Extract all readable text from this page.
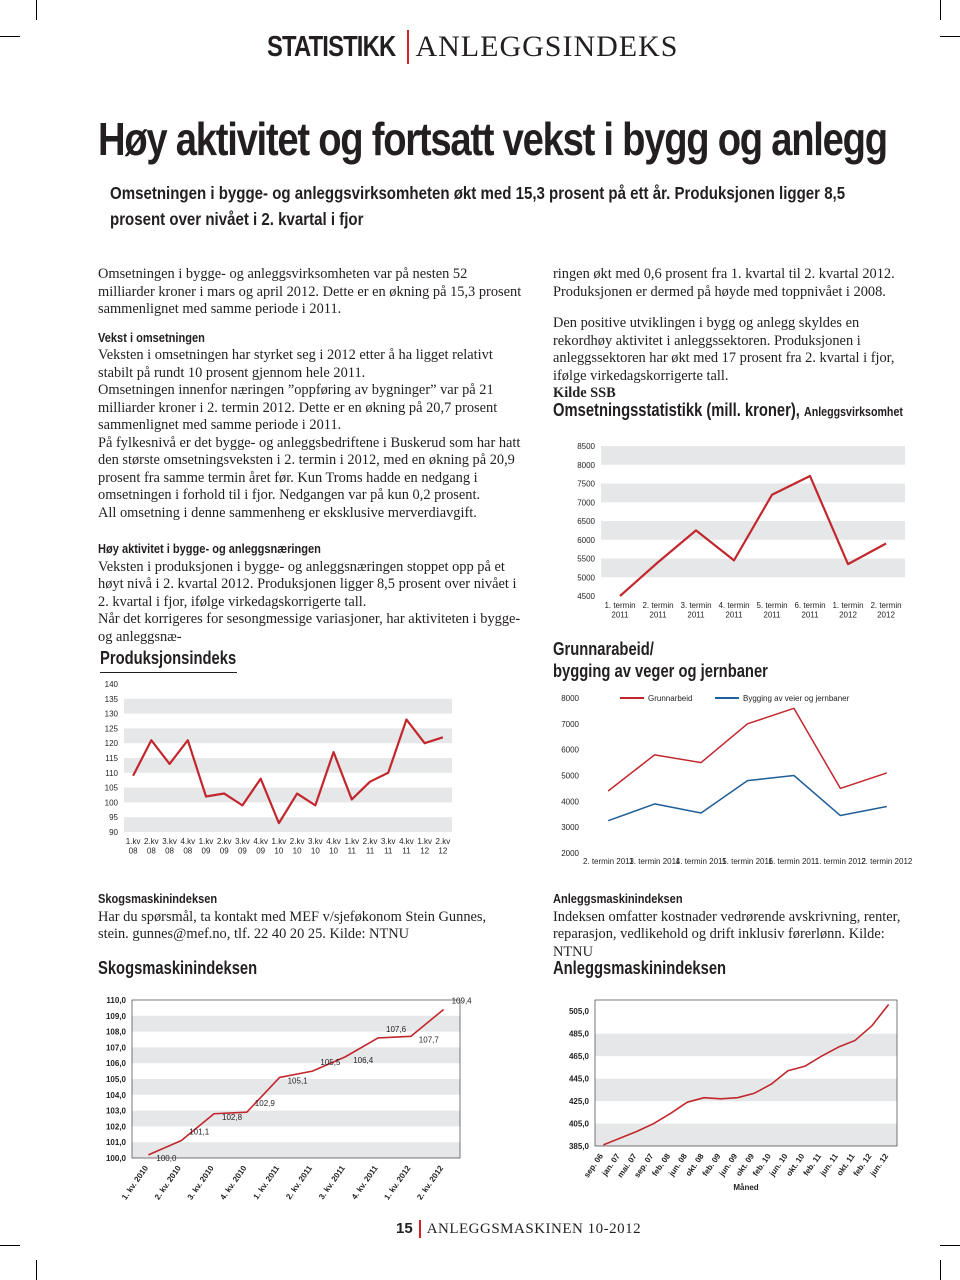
STATISTIKK ANLEGGSINDEKS
Høy aktivitet og fortsatt vekst i bygg og anlegg
Omsetningen i bygge- og anleggsvirksomheten økt med 15,3 prosent på ett år. Produksjonen ligger 8,5 prosent over nivået i 2. kvartal i fjor

Omsetningen i bygge- og anleggsvirksomheten var på nesten 52 milliarder kroner i mars og april 2012. Dette er en økning på 15,3 prosent sammenlignet med samme periode i 2011.

Vekst i omsetningen

Veksten i omsetningen har styrket seg i 2012 etter å ha ligget relativt stabilt på rundt 10 prosent gjennom hele 2011.

Omsetningen innenfor næringen ”oppføring av bygninger” var på 21 milliarder kroner i 2. termin 2012. Dette er en økning på 20,7 prosent sammenlignet med samme periode i 2011.

På fylkesnivå er det bygge- og anleggsbedriftene i Buskerud som har hatt den største omsetningsveksten i 2. termin i 2012, med en økning på 20,9 prosent fra samme termin året før. Kun Troms hadde en nedgang i omsetningen i forhold til i fjor. Nedgangen var på kun 0,2 prosent.

All omsetning i denne sammenheng er eksklusive merverdiavgift.

Høy aktivitet i bygge- og anleggsnæringen

Veksten i produksjonen i bygge- og anleggsnæringen stoppet opp på et høyt nivå i 2. kvartal 2012. Produksjonen ligger 8,5 prosent over nivået i 2. kvartal i fjor, ifølge virkedagskorrigerte tall.

Når det korrigeres for sesongmessige variasjoner, har aktiviteten i bygge- og anleggsnæ-

ringen økt med 0,6 prosent fra 1. kvartal til 2. kvartal 2012. Produksjonen er dermed på høyde med toppnivået i 2008.

Den positive utviklingen i bygg og anlegg skyldes en rekordhøy aktivitet i anleggssektoren. Produksjonen i anleggssektoren har økt med 17 prosent fra 2. kvartal i fjor, ifølge virkedagskorrigerte tall.

Kilde SSB

Omsetningsstatistikk (mill. kroner), Anleggsvirksomhet
8500
8000
7500
7000
6500
6000
5500
5000
4500
1. termin 2011
2. termin 2011
3. termin 2011
4. termin 2011
5. termin 2011
6. termin 2011
1. termin 2012
2. termin 2012
Produksjonsindeks
140
135
130
125
120
115
110
105
100
95
90
1.kv 08
2.kv 08
3.kv 08
4.kv 08
1.kv 09
2.kv 09
3.kv 09
4.kv 09
1.kv 10
2.kv 10
3.kv 10
4.kv 10
1.kv 11
2.kv 11
3.kv 11
4.kv 11
1.kv 12
2.kv 12
Grunnarabeid/
bygging av veger og jernbaner
8000
7000
6000
5000
4000
3000
2000
2. termin 2011
3. termin 2011
4. termin 2011
5. termin 2011
6. termin 2011
1. termin 2012
2. termin 2012
Grunnarbeid	Bygging av veier og jernbaner

Skogsmaskinindeksen

Har du spørsmål, ta kontakt med MEF v/sjeføkonom Stein Gunnes, stein. gunnes@mef.no, tlf. 22 40 20 25. Kilde: NTNU

Anleggsmaskinindeksen

Indeksen omfatter kostnader vedrørende avskrivning, renter, reparasjon, vedlikehold og drift inklusiv førerlønn. Kilde: NTNU

Skogsmaskinindeksen
110,0
109,0
108,0
107,0
106,0
105,0
104,0
103,0
102,0
101,0
100,0
1. kv. 2010 2. kv. 2010 3. kv. 2010 4. kv. 2010 1. kv. 2011 2. kv. 2011 3. kv. 2011 4. kv. 2011 1. kv. 2012 2. kv. 2012
100,0
101,1
102,8
102,9
105,1
105,5 106,4
107,6
107,7
109,4
Anleggsmaskinindeksen
505,0
485,0
465,0
445,0
425,0
405,0
385,0
sep. 06
jan. 07
mai. 07
sep. 07
feb. 08
jun. 08
okt. 08
feb. 09
jun. 09
okt. 09
feb. 10
jun. 10
okt. 10
feb. 11
jun. 11
okt. 11
feb. 12
jun. 12
Måned
15 ANLEGGSMASKINEN 10-2012
